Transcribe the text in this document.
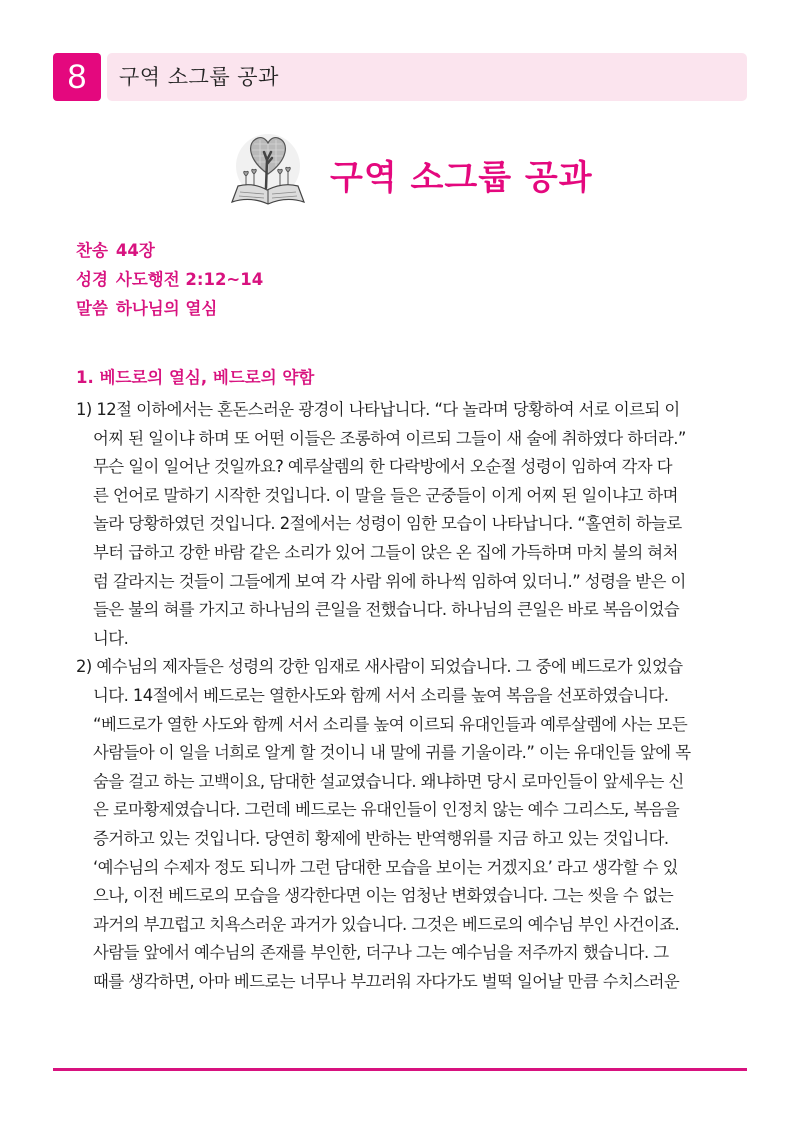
8	구역 소그룹 공과
구역 소그룹 공과
찬송 44장
성경 사도행전 2:12~14
말씀 하나님의 열심
1. 베드로의 열심, 베드로의 약함
1) 12절 이하에서는 혼돈스러운 광경이 나타납니다. “다 놀라며 당황하여 서로 이르되 이
어찌 된 일이냐 하며 또 어떤 이들은 조롱하여 이르되 그들이 새 술에 취하였다 하더라.”
무슨 일이 일어난 것일까요? 예루살렘의 한 다락방에서 오순절 성령이 임하여 각자 다
른 언어로 말하기 시작한 것입니다. 이 말을 들은 군중들이 이게 어찌 된 일이냐고 하며
놀라 당황하였던 것입니다. 2절에서는 성령이 임한 모습이 나타납니다. “홀연히 하늘로
부터 급하고 강한 바람 같은 소리가 있어 그들이 앉은 온 집에 가득하며 마치 불의 혀처
럼 갈라지는 것들이 그들에게 보여 각 사람 위에 하나씩 임하여 있더니.” 성령을 받은 이
들은 불의 혀를 가지고 하나님의 큰일을 전했습니다. 하나님의 큰일은 바로 복음이었습
니다.
2) 예수님의 제자들은 성령의 강한 임재로 새사람이 되었습니다. 그 중에 베드로가 있었습
니다. 14절에서 베드로는 열한사도와 함께 서서 소리를 높여 복음을 선포하였습니다.
“베드로가 열한 사도와 함께 서서 소리를 높여 이르되 유대인들과 예루살렘에 사는 모든
사람들아 이 일을 너희로 알게 할 것이니 내 말에 귀를 기울이라.” 이는 유대인들 앞에 목
숨을 걸고 하는 고백이요, 담대한 설교였습니다. 왜냐하면 당시 로마인들이 앞세우는 신
은 로마황제였습니다. 그런데 베드로는 유대인들이 인정치 않는 예수 그리스도, 복음을
증거하고 있는 것입니다. 당연히 황제에 반하는 반역행위를 지금 하고 있는 것입니다.
‘예수님의 수제자 정도 되니까 그런 담대한 모습을 보이는 거겠지요’ 라고 생각할 수 있
으나, 이전 베드로의 모습을 생각한다면 이는 엄청난 변화였습니다. 그는 씻을 수 없는
과거의 부끄럽고 치욕스러운 과거가 있습니다. 그것은 베드로의 예수님 부인 사건이죠.
사람들 앞에서 예수님의 존재를 부인한, 더구나 그는 예수님을 저주까지 했습니다. 그
때를 생각하면, 아마 베드로는 너무나 부끄러워 자다가도 벌떡 일어날 만큼 수치스러운
